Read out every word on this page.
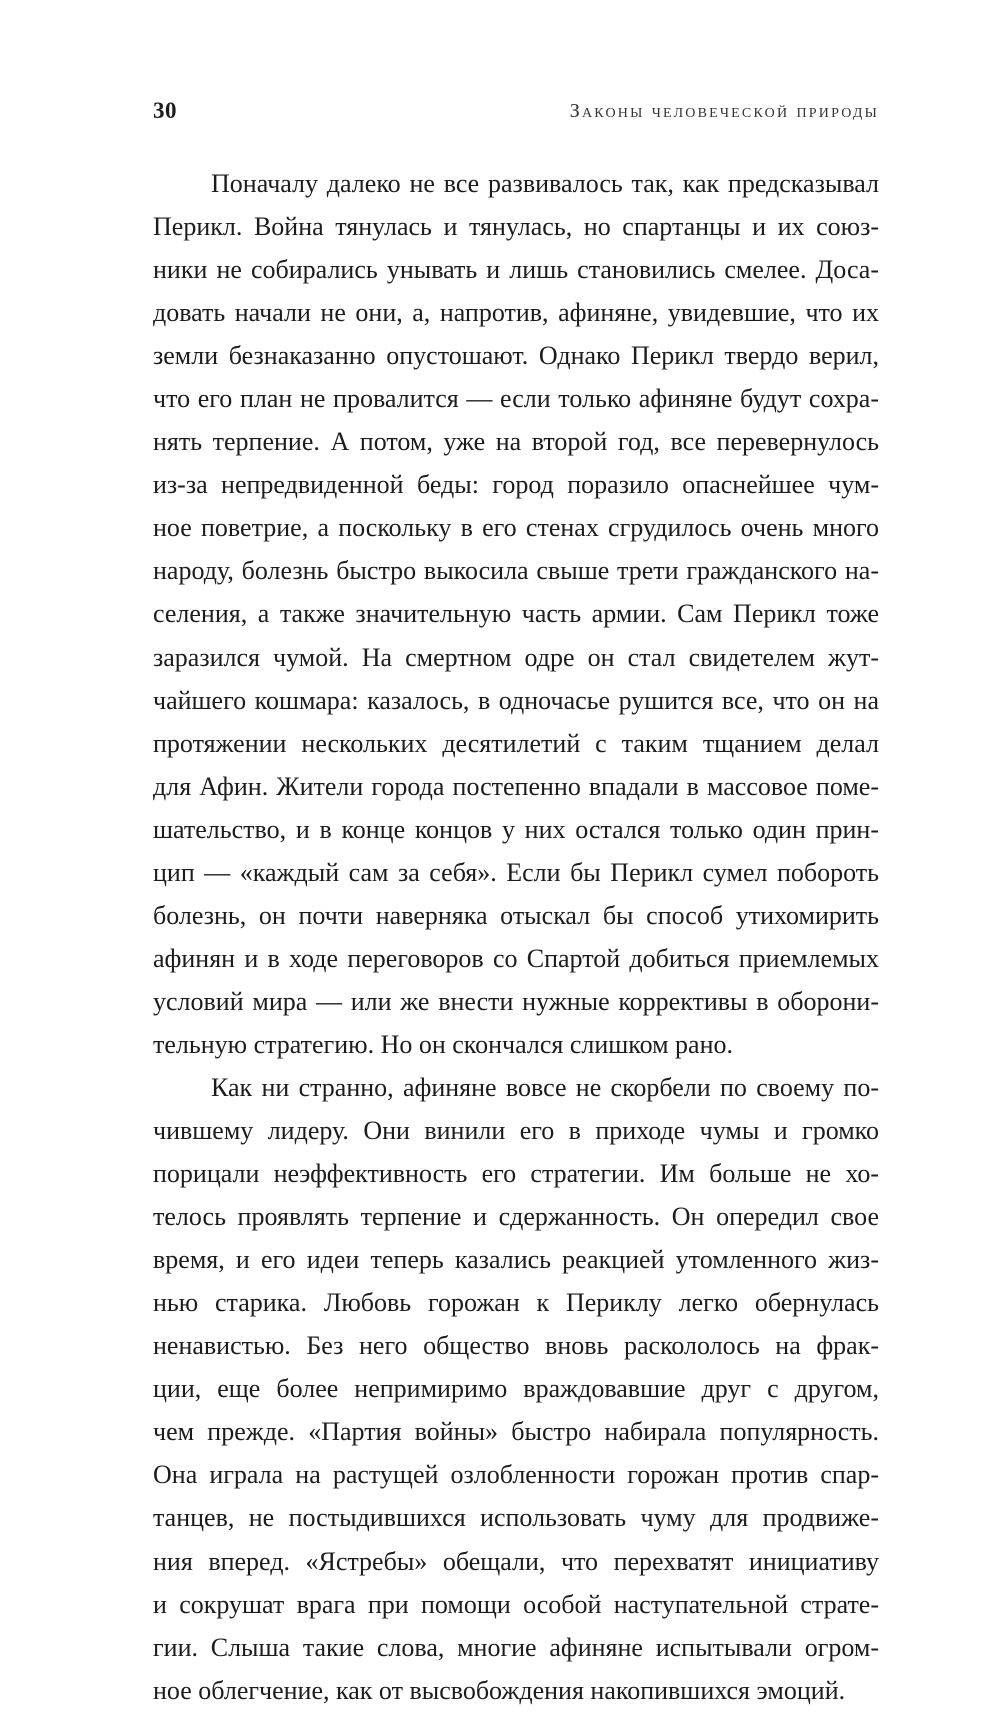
30	Законы человеческой природы
Поначалу далеко не все развивалось так, как предсказывал
Перикл. Война тянулась и тянулась, но спартанцы и их союз-
ники не собирались унывать и лишь становились смелее. Доса-
довать начали не они, а, напротив, афиняне, увидевшие, что их
земли безнаказанно опустошают. Однако Перикл твердо верил,
что его план не провалится — если только афиняне будут сохра-
нять терпение. А потом, уже на второй год, все перевернулось
из-за непредвиденной беды: город поразило опаснейшее чум-
ное поветрие, а поскольку в его стенах сгрудилось очень много
народу, болезнь быстро выкосила свыше трети гражданского на-
селения, а также значительную часть армии. Сам Перикл тоже
заразился чумой. На смертном одре он стал свидетелем жут-
чайшего кошмара: казалось, в одночасье рушится все, что он на
протяжении нескольких десятилетий с таким тщанием делал
для Афин. Жители города постепенно впадали в массовое поме-
шательство, и в конце концов у них остался только один прин-
цип — «каждый сам за себя». Если бы Перикл сумел побороть
болезнь, он почти наверняка отыскал бы способ утихомирить
афинян и в ходе переговоров со Спартой добиться приемлемых
условий мира — или же внести нужные коррективы в оборони-
тельную стратегию. Но он скончался слишком рано.
Как ни странно, афиняне вовсе не скорбели по своему по-
чившему лидеру. Они винили его в приходе чумы и громко
порицали неэффективность его стратегии. Им больше не хо-
телось проявлять терпение и сдержанность. Он опередил свое
время, и его идеи теперь казались реакцией утомленного жиз-
нью старика. Любовь горожан к Периклу легко обернулась
ненавистью. Без него общество вновь раскололось на фрак-
ции, еще более непримиримо враждовавшие друг с другом,
чем прежде. «Партия войны» быстро набирала популярность.
Она играла на растущей озлобленности горожан против спар-
танцев, не постыдившихся использовать чуму для продвиже-
ния вперед. «Ястребы» обещали, что перехватят инициативу
и сокрушат врага при помощи особой наступательной страте-
гии. Слыша такие слова, многие афиняне испытывали огром-
ное облегчение, как от высвобождения накопившихся эмоций.
